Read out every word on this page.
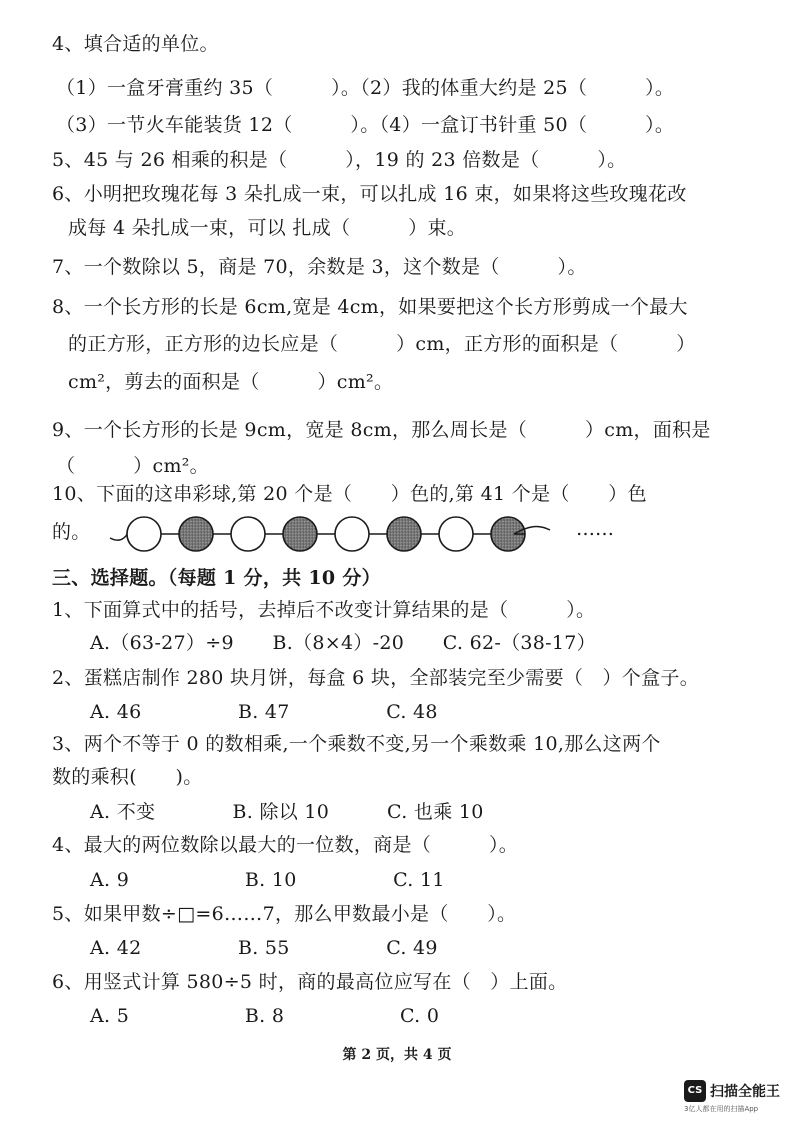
4、填合适的单位。
（1）一盒牙膏重约 35（　　　）。（2）我的体重大约是 25（　　　）。
（3）一节火车能装货 12（　　　）。（4）一盒订书针重 50（　　　）。
5、45 与 26 相乘的积是（　　　），19 的 23 倍数是（　　　）。
6、小明把玫瑰花每 3 朵扎成一束，可以扎成 16 束，如果将这些玫瑰花改
成每 4 朵扎成一束，可以 扎成（　　　）束。
7、一个数除以 5，商是 70，余数是 3，这个数是（　　　）。
8、一个长方形的长是 6cm,宽是 4cm，如果要把这个长方形剪成一个最大
的正方形，正方形的边长应是（　　　）cm，正方形的面积是（　　　）
cm²，剪去的面积是（　　　）cm²。
9、一个长方形的长是 9cm，宽是 8cm，那么周长是（　　　）cm，面积是
（　　　）cm²。
10、下面的这串彩球,第 20 个是（　　）色的,第 41 个是（　　）色
的。	……
三、选择题。（每题 1 分，共 10 分）
1、下面算式中的括号，去掉后不改变计算结果的是（　　　）。
A.（63-27）÷9　　B.（8×4）-20　　C. 62-（38-17）
2、蛋糕店制作 280 块月饼，每盒 6 块，全部装完至少需要（　）个盒子。
A. 46　　　　　B. 47　　　　　C. 48
3、两个不等于 0 的数相乘,一个乘数不变,另一个乘数乘 10,那么这两个
数的乘积(　　)。
A. 不变　　　　B. 除以 10　　　C. 也乘 10
4、最大的两位数除以最大的一位数，商是（　　　）。
A. 9　　　　　　B. 10　　　　　C. 11
5、如果甲数÷□=6……7，那么甲数最小是（　　）。
A. 42　　　　　B. 55　　　　　C. 49
6、用竖式计算 580÷5 时，商的最高位应写在（　）上面。
A. 5　　　　　　B. 8　　　　　　C. 0
第 2 页，共 4 页
CS 扫描全能王
3亿人都在用的扫描App
